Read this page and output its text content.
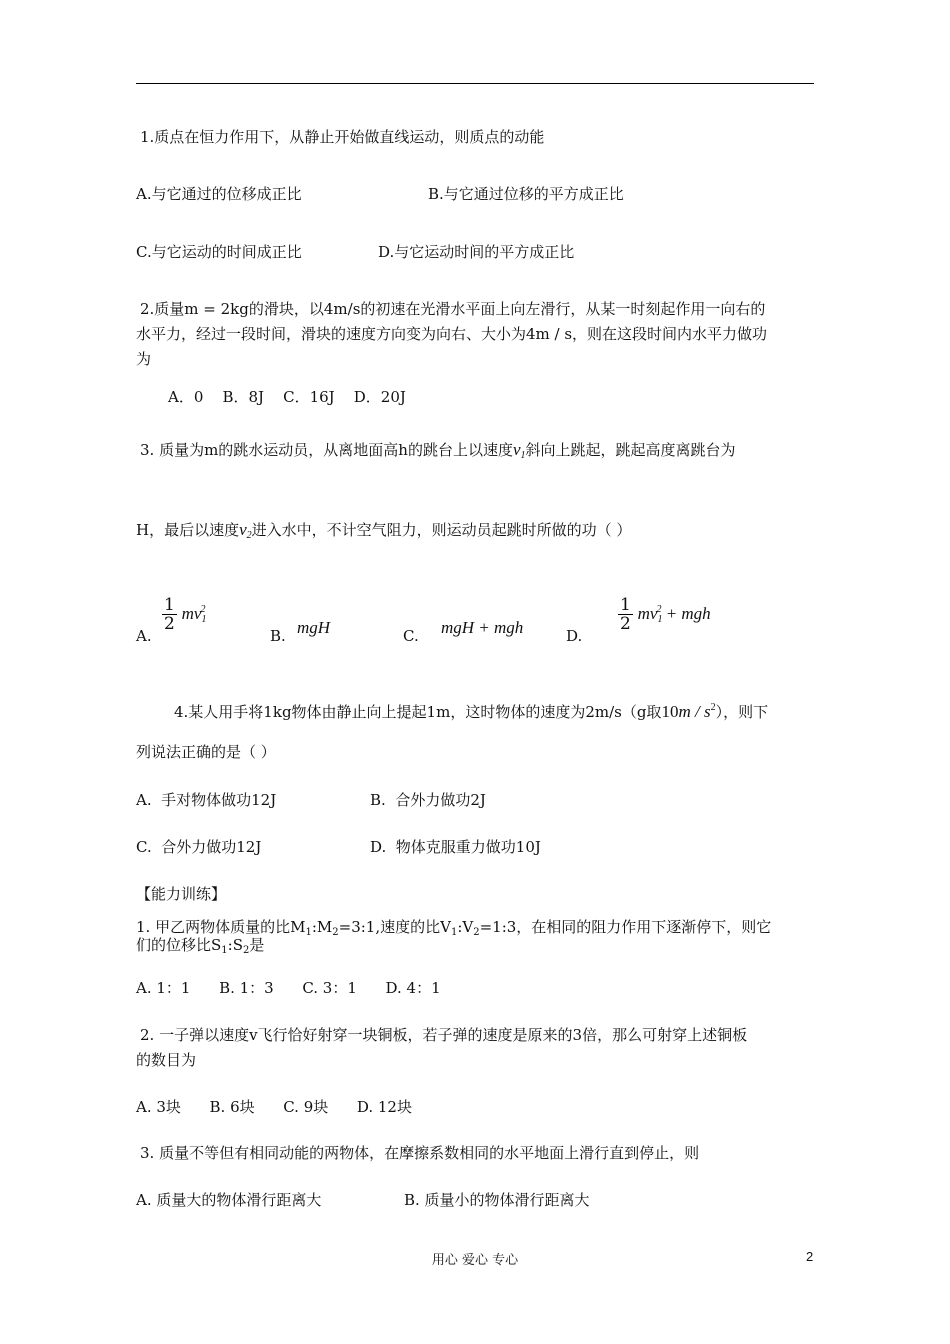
1.质点在恒力作用下，从静止开始做直线运动，则质点的动能
A.与它通过的位移成正比	B.与它通过位移的平方成正比
C.与它运动的时间成正比	D.与它运动时间的平方成正比
2.质量m = 2kg的滑块，以4m/s的初速在光滑水平面上向左滑行，从某一时刻起作用一向右的
水平力，经过一段时间，滑块的速度方向变为向右、大小为4m / s，则在这段时间内水平力做功
为
A．0    B．8J    C．16J    D．20J
3. 质量为m的跳水运动员，从离地面高h的跳台上以速度$v_1$斜向上跳起，跳起高度离跳台为
H，最后以速度$v_2$进入水中，不计空气阻力，则运动员起跳时所做的功（ ）
A.
$\frac{1}{2} mv_1^2$
B. mgH	C. mgH + mgh	D.
$\frac{1}{2} mv_1^2$ + mgh
4.某人用手将1kg物体由静止向上提起1m，这时物体的速度为2m/s（g取$10m / s^2$），则下
列说法正确的是（ ）
A.  手对物体做功12J	B.  合外力做功2J
C.  合外力做功12J	D.  物体克服重力做功10J
【能力训练】
1. 甲乙两物体质量的比$M_1:M_2=3:1$,速度的比$V_1:V_2=1:3$，在相同的阻力作用下逐渐停下，则它
们的位移比$S_1:S_2$是
A. 1：1      B. 1：3      C. 3：1      D. 4：1
2. 一子弹以速度v飞行恰好射穿一块铜板，若子弹的速度是原来的3倍，那么可射穿上述铜板
的数目为
A. 3块      B. 6块      C. 9块      D. 12块
3. 质量不等但有相同动能的两物体，在摩擦系数相同的水平地面上滑行直到停止，则
A. 质量大的物体滑行距离大	B. 质量小的物体滑行距离大
用心 爱心 专心	2
